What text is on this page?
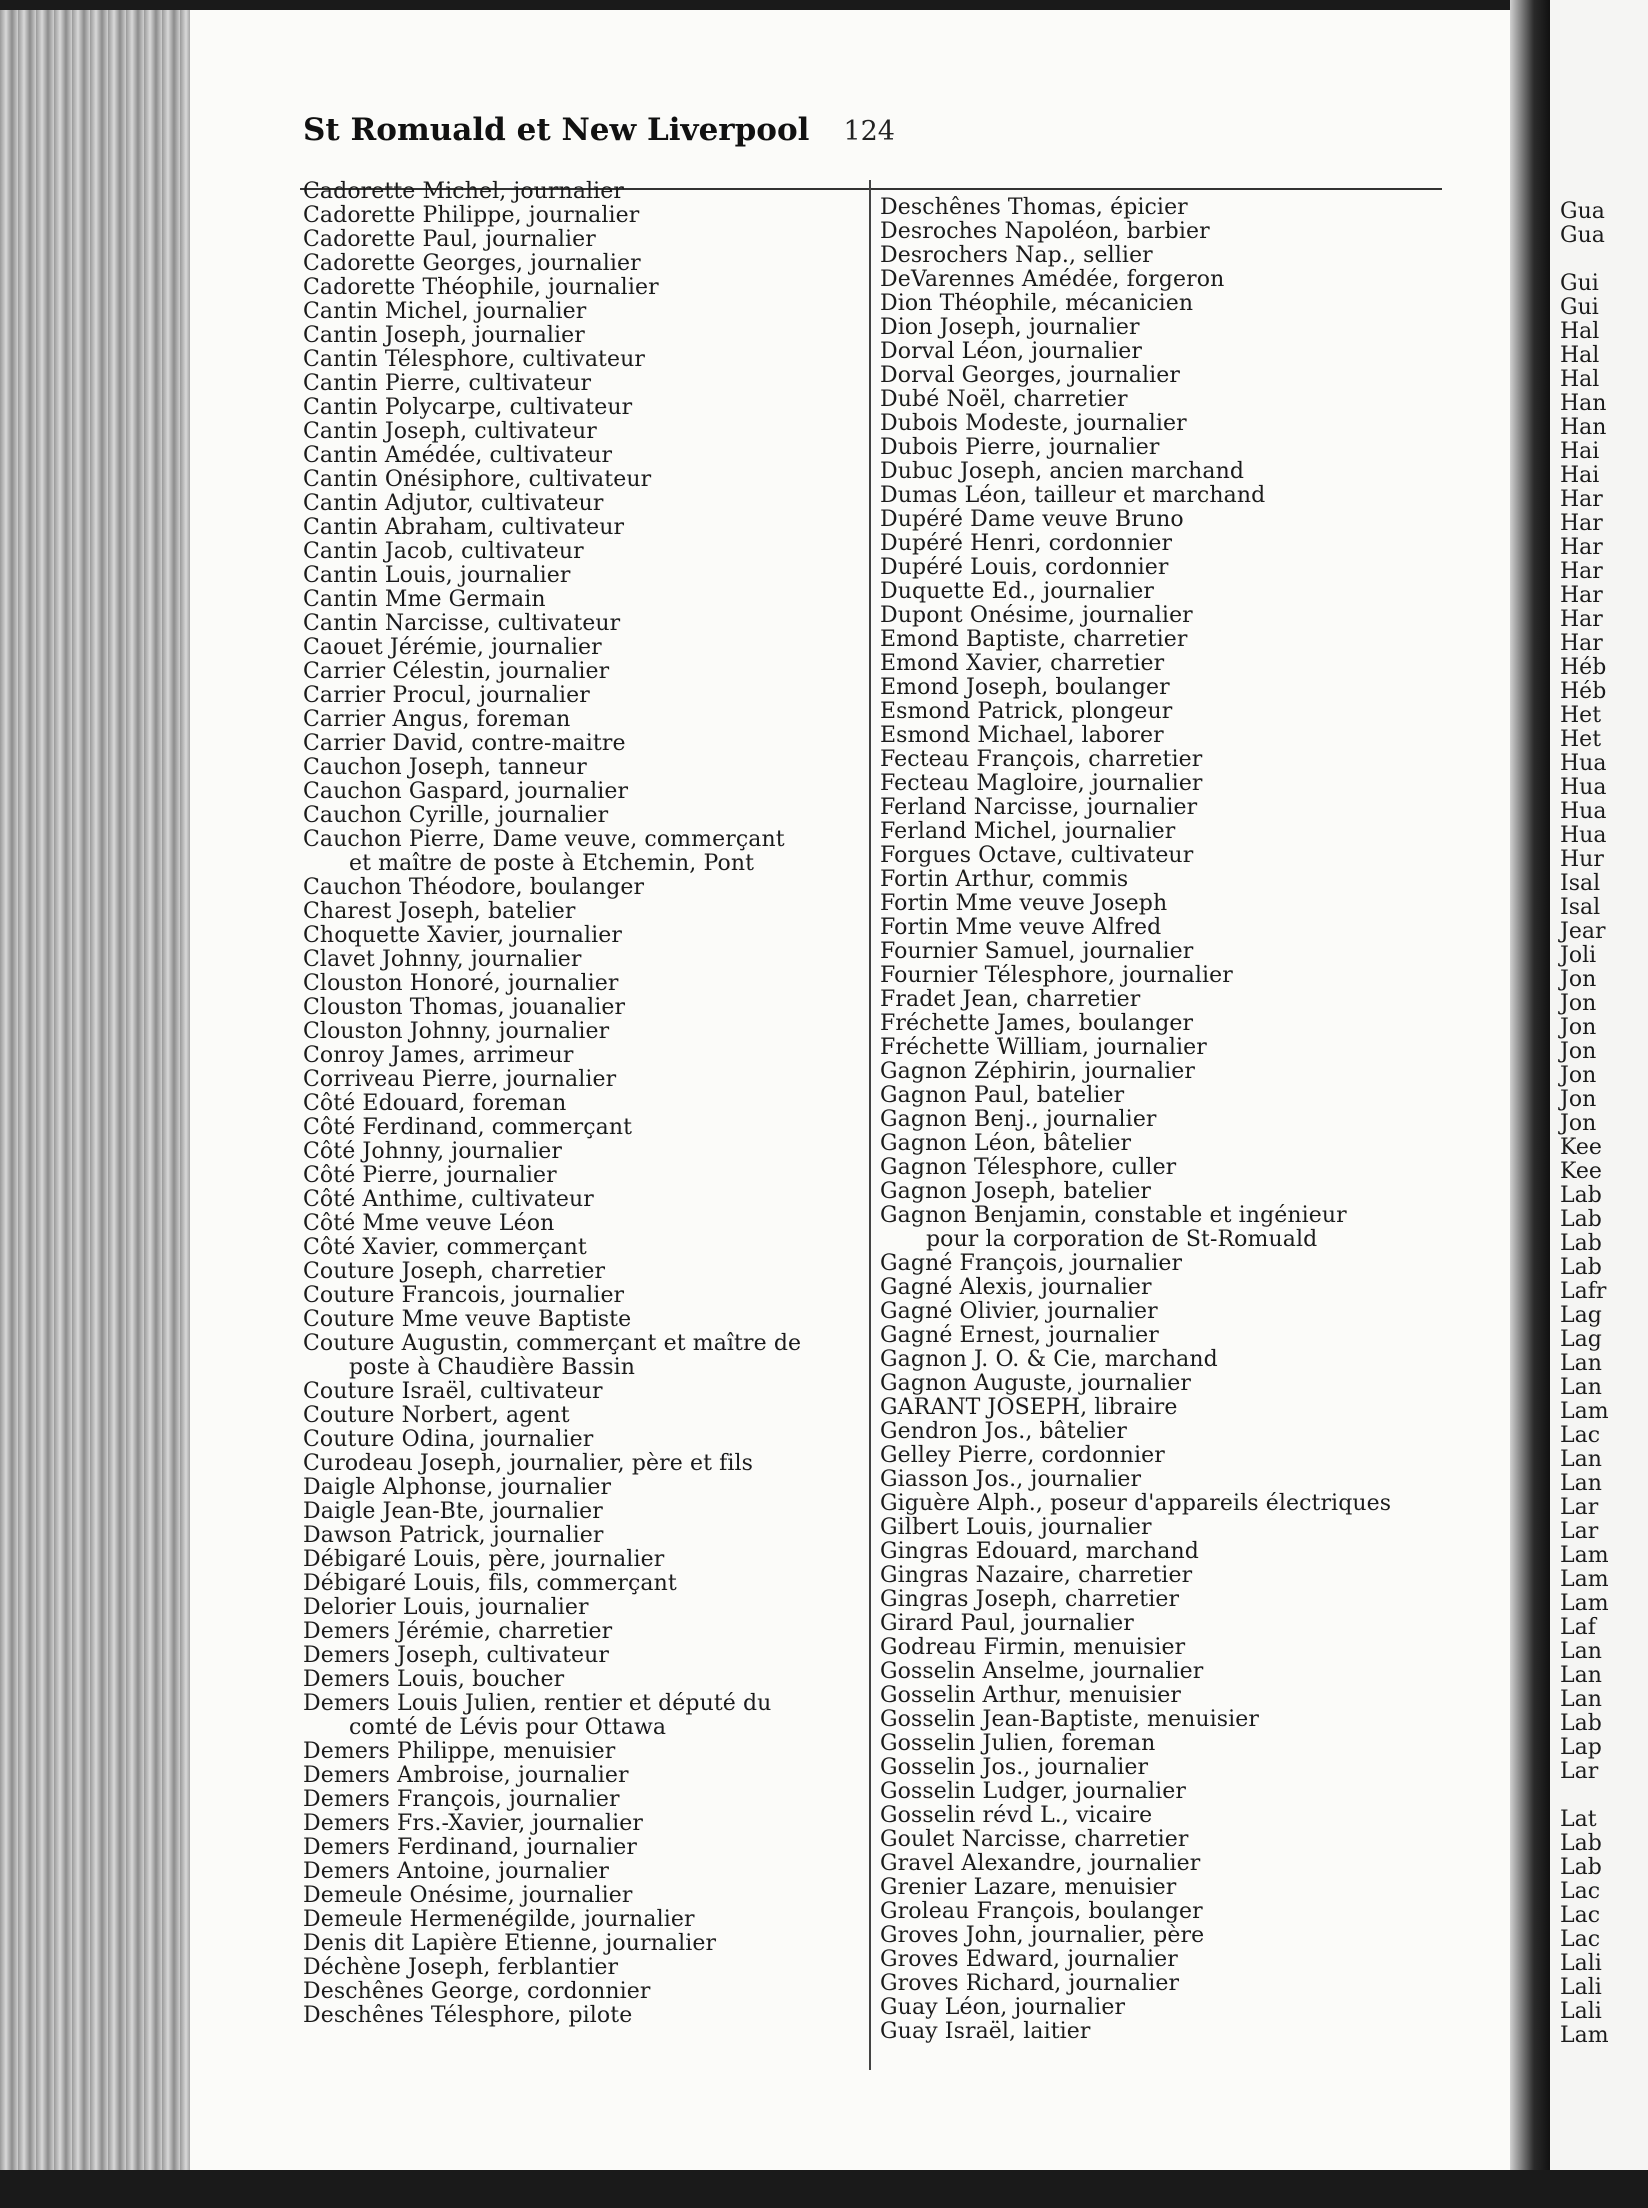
Gua
Gua
Gui
Gui
Hal
Hal
Hal
Han
Han
Hai
Hai
Har
Har
Har
Har
Har
Har
Har
Héb
Héb
Het
Het
Hua
Hua
Hua
Hua
Hur
Isal
Isal
Jear
Joli
Jon
Jon
Jon
Jon
Jon
Jon
Jon
Kee
Kee
Lab
Lab
Lab
Lab
Lafr
Lag
Lag
Lan
Lan
Lam
Lac
Lan
Lan
Lar
Lar
Lam
Lam
Lam
Laf
Lan
Lan
Lan
Lab
Lap
Lar
Lat
Lab
Lab
Lac
Lac
Lac
Lali
Lali
Lali
Lam
St Romuald et New Liverpool 124
Cadorette Michel, journalier
Cadorette Philippe, journalier
Cadorette Paul, journalier
Cadorette Georges, journalier
Cadorette Théophile, journalier
Cantin Michel, journalier
Cantin Joseph, journalier
Cantin Télesphore, cultivateur
Cantin Pierre, cultivateur
Cantin Polycarpe, cultivateur
Cantin Joseph, cultivateur
Cantin Amédée, cultivateur
Cantin Onésiphore, cultivateur
Cantin Adjutor, cultivateur
Cantin Abraham, cultivateur
Cantin Jacob, cultivateur
Cantin Louis, journalier
Cantin Mme Germain
Cantin Narcisse, cultivateur
Caouet Jérémie, journalier
Carrier Célestin, journalier
Carrier Procul, journalier
Carrier Angus, foreman
Carrier David, contre-maitre
Cauchon Joseph, tanneur
Cauchon Gaspard, journalier
Cauchon Cyrille, journalier
Cauchon Pierre, Dame veuve, commerçant
et maître de poste à Etchemin, Pont
Cauchon Théodore, boulanger
Charest Joseph, batelier
Choquette Xavier, journalier
Clavet Johnny, journalier
Clouston Honoré, journalier
Clouston Thomas, jouanalier
Clouston Johnny, journalier
Conroy James, arrimeur
Corriveau Pierre, journalier
Côté Edouard, foreman
Côté Ferdinand, commerçant
Côté Johnny, journalier
Côté Pierre, journalier
Côté Anthime, cultivateur
Côté Mme veuve Léon
Côté Xavier, commerçant
Couture Joseph, charretier
Couture Francois, journalier
Couture Mme veuve Baptiste
Couture Augustin, commerçant et maître de
poste à Chaudière Bassin
Couture Israël, cultivateur
Couture Norbert, agent
Couture Odina, journalier
Curodeau Joseph, journalier, père et fils
Daigle Alphonse, journalier
Daigle Jean-Bte, journalier
Dawson Patrick, journalier
Débigaré Louis, père, journalier
Débigaré Louis, fils, commerçant
Delorier Louis, journalier
Demers Jérémie, charretier
Demers Joseph, cultivateur
Demers Louis, boucher
Demers Louis Julien, rentier et député du
comté de Lévis pour Ottawa
Demers Philippe, menuisier
Demers Ambroise, journalier
Demers François, journalier
Demers Frs.-Xavier, journalier
Demers Ferdinand, journalier
Demers Antoine, journalier
Demeule Onésime, journalier
Demeule Hermenégilde, journalier
Denis dit Lapière Etienne, journalier
Déchène Joseph, ferblantier
Deschênes George, cordonnier
Deschênes Télesphore, pilote
Deschênes Thomas, épicier
Desroches Napoléon, barbier
Desrochers Nap., sellier
DeVarennes Amédée, forgeron
Dion Théophile, mécanicien
Dion Joseph, journalier
Dorval Léon, journalier
Dorval Georges, journalier
Dubé Noël, charretier
Dubois Modeste, journalier
Dubois Pierre, journalier
Dubuc Joseph, ancien marchand
Dumas Léon, tailleur et marchand
Dupéré Dame veuve Bruno
Dupéré Henri, cordonnier
Dupéré Louis, cordonnier
Duquette Ed., journalier
Dupont Onésime, journalier
Emond Baptiste, charretier
Emond Xavier, charretier
Emond Joseph, boulanger
Esmond Patrick, plongeur
Esmond Michael, laborer
Fecteau François, charretier
Fecteau Magloire, journalier
Ferland Narcisse, journalier
Ferland Michel, journalier
Forgues Octave, cultivateur
Fortin Arthur, commis
Fortin Mme veuve Joseph
Fortin Mme veuve Alfred
Fournier Samuel, journalier
Fournier Télesphore, journalier
Fradet Jean, charretier
Fréchette James, boulanger
Fréchette William, journalier
Gagnon Zéphirin, journalier
Gagnon Paul, batelier
Gagnon Benj., journalier
Gagnon Léon, bâtelier
Gagnon Télesphore, culler
Gagnon Joseph, batelier
Gagnon Benjamin, constable et ingénieur
pour la corporation de St-Romuald
Gagné François, journalier
Gagné Alexis, journalier
Gagné Olivier, journalier
Gagné Ernest, journalier
Gagnon J. O. & Cie, marchand
Gagnon Auguste, journalier
GARANT JOSEPH, libraire
Gendron Jos., bâtelier
Gelley Pierre, cordonnier
Giasson Jos., journalier
Giguère Alph., poseur d'appareils électriques
Gilbert Louis, journalier
Gingras Edouard, marchand
Gingras Nazaire, charretier
Gingras Joseph, charretier
Girard Paul, journalier
Godreau Firmin, menuisier
Gosselin Anselme, journalier
Gosselin Arthur, menuisier
Gosselin Jean-Baptiste, menuisier
Gosselin Julien, foreman
Gosselin Jos., journalier
Gosselin Ludger, journalier
Gosselin révd L., vicaire
Goulet Narcisse, charretier
Gravel Alexandre, journalier
Grenier Lazare, menuisier
Groleau François, boulanger
Groves John, journalier, père
Groves Edward, journalier
Groves Richard, journalier
Guay Léon, journalier
Guay Israël, laitier
